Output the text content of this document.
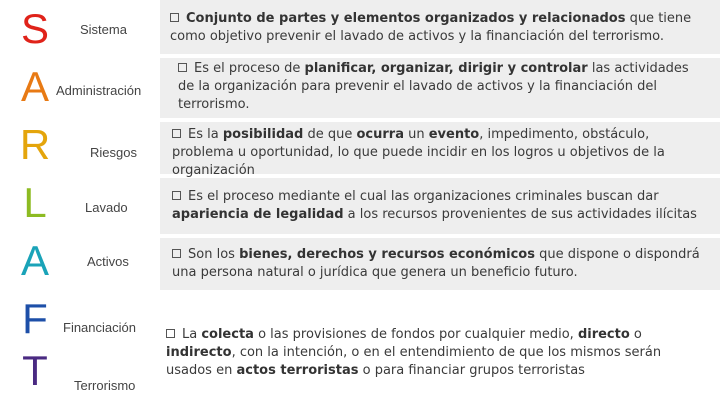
S
A
R
L
A
F
T
Sistema
Administración
Riesgos
Lavado
Activos
Financiación
Terrorismo
Conjunto de partes y elementos organizados y relacionados que tiene como objetivo prevenir el lavado de activos y la financiación del terrorismo.
Es el proceso de planificar, organizar, dirigir y controlar las actividades de la organización para prevenir el lavado de activos y la financiación del terrorismo.
Es la posibilidad de que ocurra un evento, impedimento, obstáculo, problema u oportunidad, lo que puede incidir en los logros u objetivos de la organización
Es el proceso mediante el cual las organizaciones criminales buscan dar apariencia de legalidad a los recursos provenientes de sus actividades ilícitas
Son los bienes, derechos y recursos económicos que dispone o dispondrá una persona natural o jurídica que genera un beneficio futuro.
La colecta o las provisiones de fondos por cualquier medio, directo o indirecto, con la intención, o en el entendimiento de que los mismos serán usados en actos terroristas o para financiar grupos terroristas
